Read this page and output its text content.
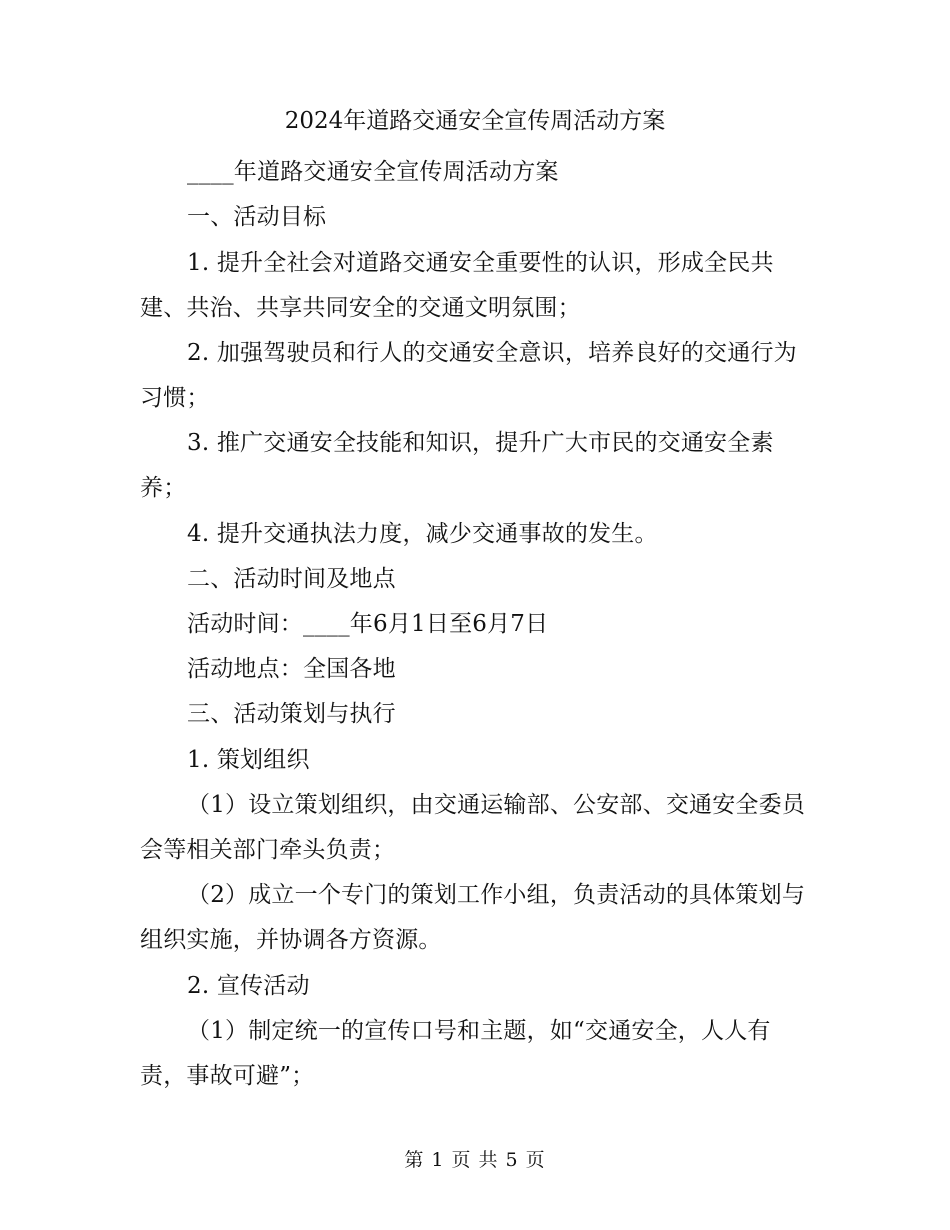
2024年道路交通安全宣传周活动方案
____年道路交通安全宣传周活动方案
一、活动目标
1. 提升全社会对道路交通安全重要性的认识，形成全民共
建、共治、共享共同安全的交通文明氛围；
2. 加强驾驶员和行人的交通安全意识，培养良好的交通行为
习惯；
3. 推广交通安全技能和知识，提升广大市民的交通安全素
养；
4. 提升交通执法力度，减少交通事故的发生。
二、活动时间及地点
活动时间：____年6月1日至6月7日
活动地点：全国各地
三、活动策划与执行
1. 策划组织
（1）设立策划组织，由交通运输部、公安部、交通安全委员
会等相关部门牵头负责；
（2）成立一个专门的策划工作小组，负责活动的具体策划与
组织实施，并协调各方资源。
2. 宣传活动
（1）制定统一的宣传口号和主题，如“交通安全，人人有
责，事故可避”；
第 1 页 共 5 页
